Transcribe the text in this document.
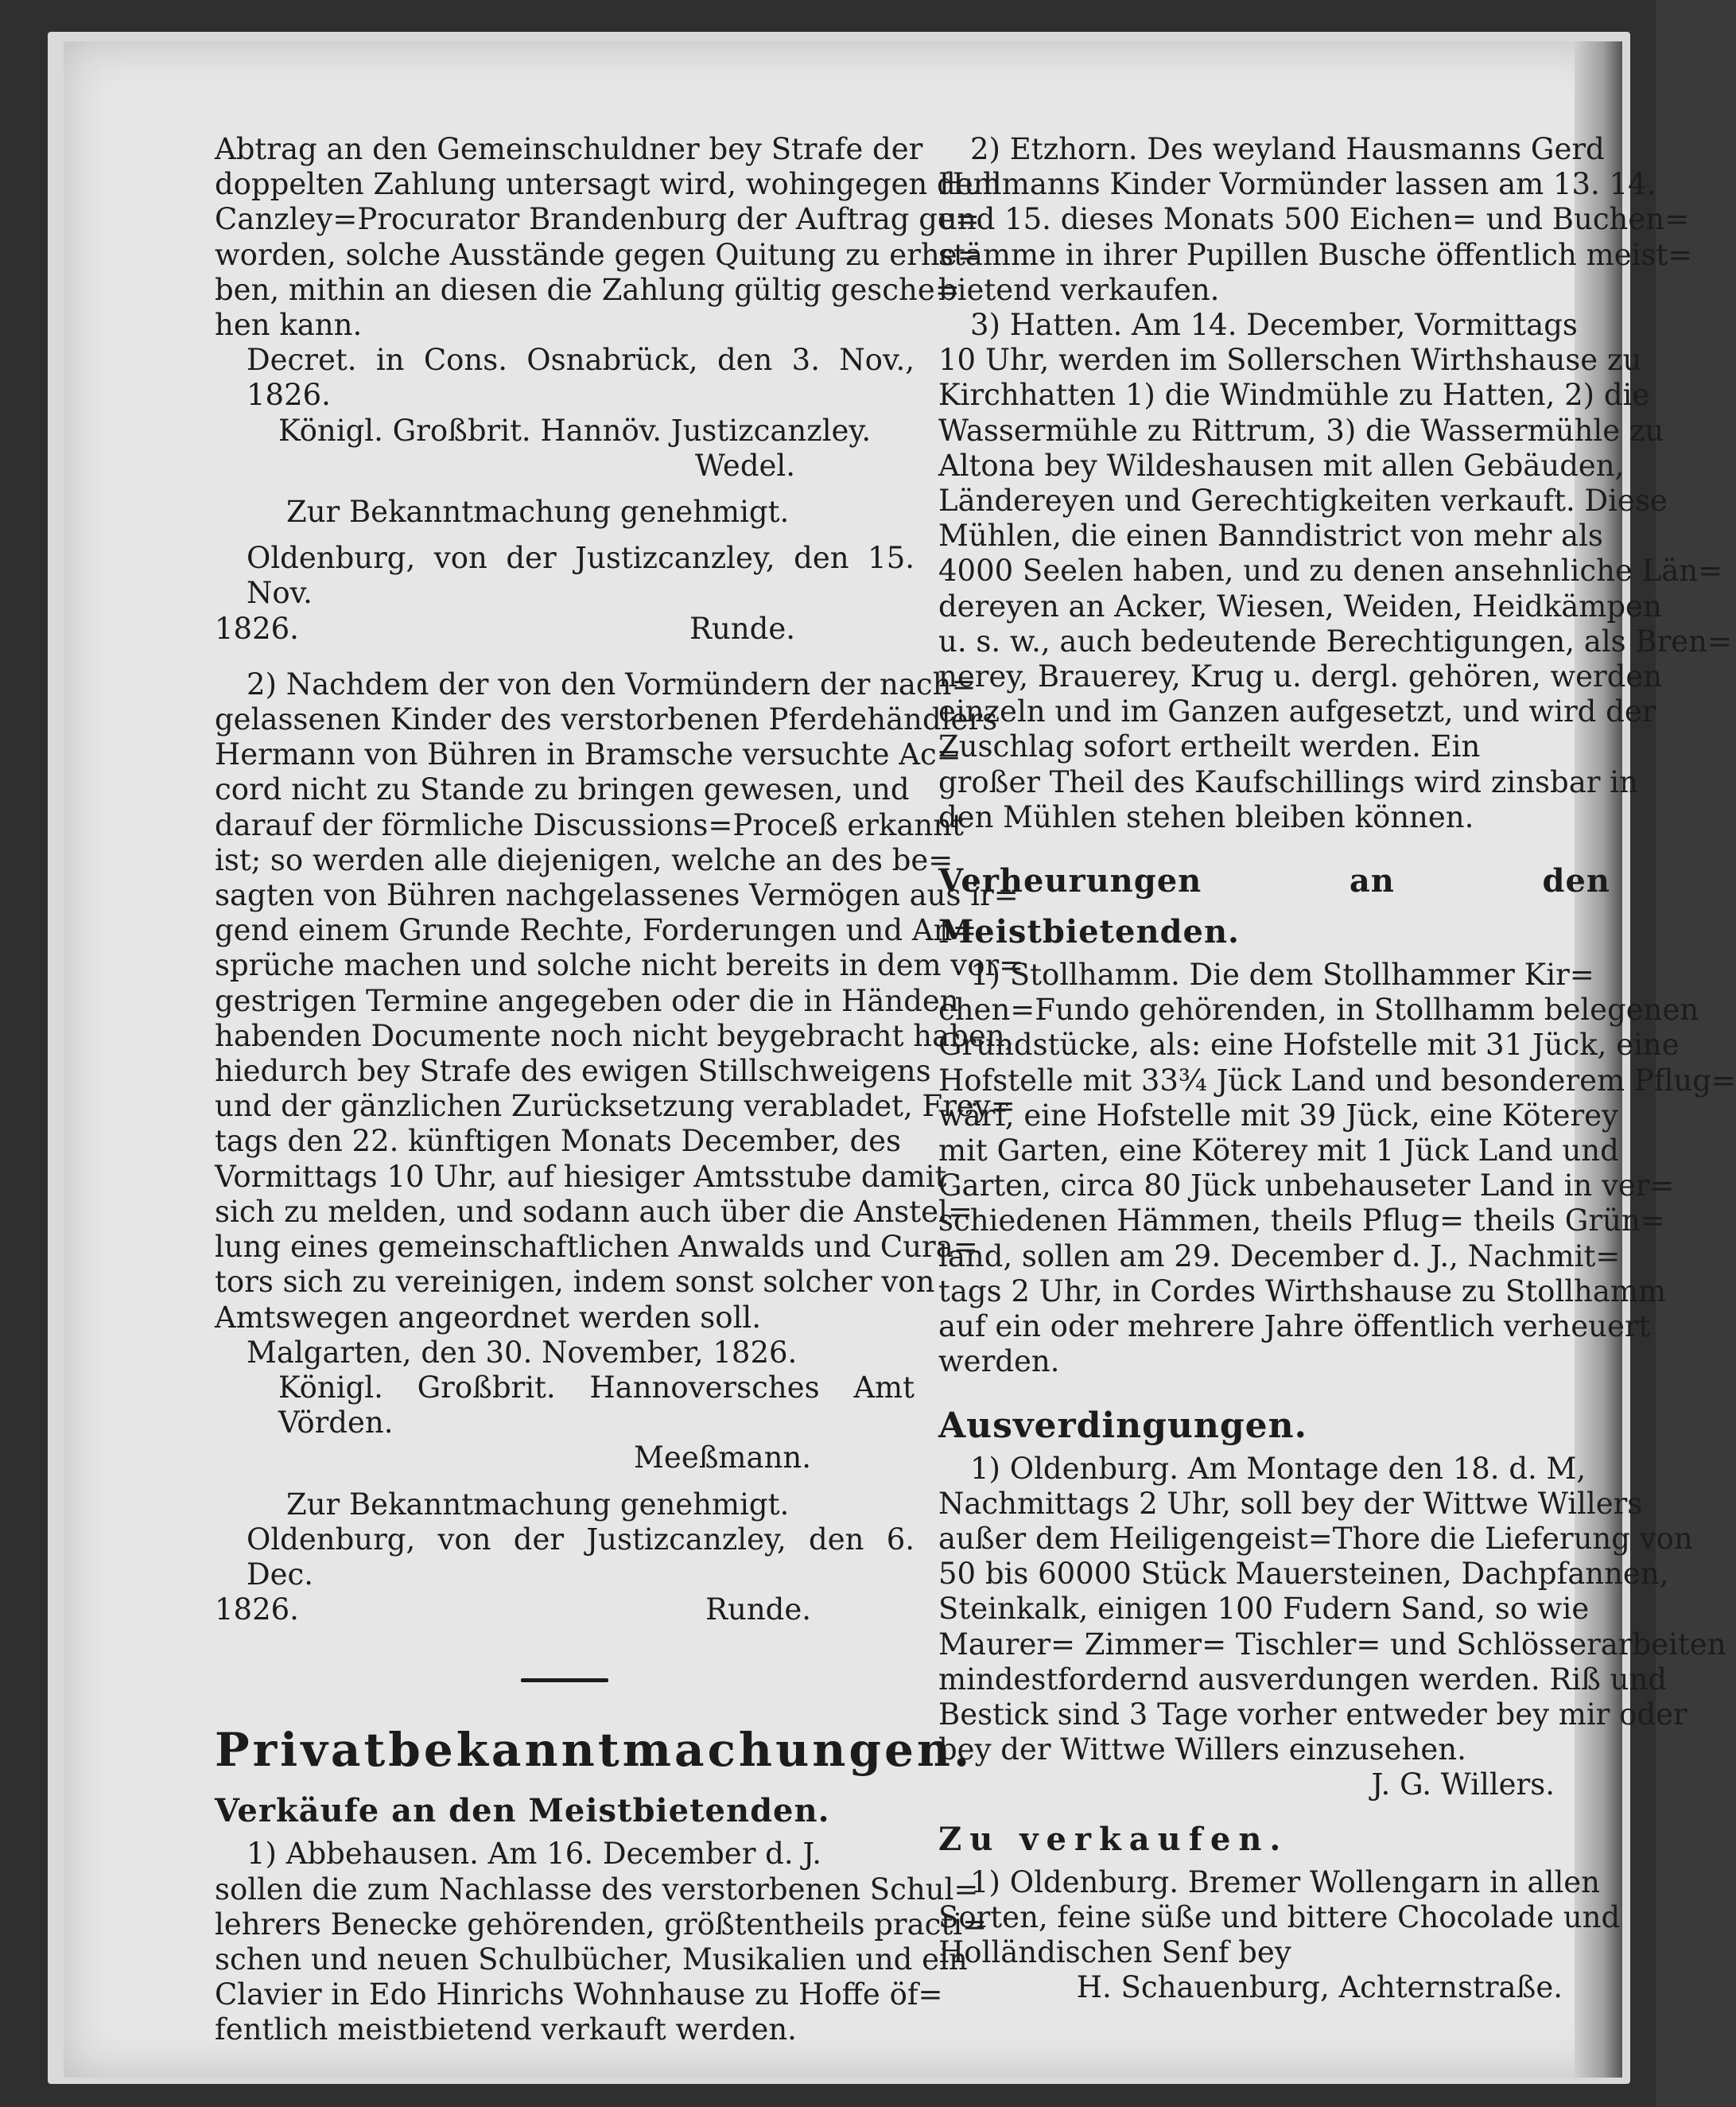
Abtrag an den Gemeinschuldner bey Strafe der
doppelten Zahlung untersagt wird, wohingegen dem
Canzley=Procurator Brandenburg der Auftrag ge=
worden, solche Ausstände gegen Quitung zu erhe=
ben, mithin an diesen die Zahlung gültig gesche=
hen kann.

Decret. in Cons. Osnabrück, den 3. Nov., 1826.

Königl. Großbrit. Hannöv. Justizcanzley.

Wedel.

Zur Bekanntmachung genehmigt.

Oldenburg, von der Justizcanzley, den 15. Nov.

1826.	Runde.

2) Nachdem der von den Vormündern der nach=
gelassenen Kinder des verstorbenen Pferdehändlers
Hermann von Bühren in Bramsche versuchte Ac=
cord nicht zu Stande zu bringen gewesen, und
darauf der förmliche Discussions=Proceß erkannt
ist; so werden alle diejenigen, welche an des be=
sagten von Bühren nachgelassenes Vermögen aus ir=
gend einem Grunde Rechte, Forderungen und An=
sprüche machen und solche nicht bereits in dem vor=
gestrigen Termine angegeben oder die in Händen
habenden Documente noch nicht beygebracht haben,
hiedurch bey Strafe des ewigen Stillschweigens
und der gänzlichen Zurücksetzung verabladet, Frey=
tags den 22. künftigen Monats December, des
Vormittags 10 Uhr, auf hiesiger Amtsstube damit
sich zu melden, und sodann auch über die Anstel=
lung eines gemeinschaftlichen Anwalds und Cura=
tors sich zu vereinigen, indem sonst solcher von
Amtswegen angeordnet werden soll.

Malgarten, den 30. November, 1826.

Königl. Großbrit. Hannoversches Amt Vörden.

Meeßmann.

Zur Bekanntmachung genehmigt.

Oldenburg, von der Justizcanzley, den 6. Dec.

1826.	Runde.

Privatbekanntmachungen.

Verkäufe an den Meistbietenden.

1) Abbehausen. Am 16. December d. J.
sollen die zum Nachlasse des verstorbenen Schul=
lehrers Benecke gehörenden, größtentheils practi=
schen und neuen Schulbücher, Musikalien und ein
Clavier in Edo Hinrichs Wohnhause zu Hoffe öf=
fentlich meistbietend verkauft werden.

2) Etzhorn. Des weyland Hausmanns Gerd
Hullmanns Kinder Vormünder lassen am 13. 14.
und 15. dieses Monats 500 Eichen= und Buchen=
stämme in ihrer Pupillen Busche öffentlich meist=
bietend verkaufen.

3) Hatten. Am 14. December, Vormittags
10 Uhr, werden im Sollerschen Wirthshause zu
Kirchhatten 1) die Windmühle zu Hatten, 2) die
Wassermühle zu Rittrum, 3) die Wassermühle zu
Altona bey Wildeshausen mit allen Gebäuden,
Ländereyen und Gerechtigkeiten verkauft. Diese
Mühlen, die einen Banndistrict von mehr als
4000 Seelen haben, und zu denen ansehnliche Län=
dereyen an Acker, Wiesen, Weiden, Heidkämpen
u. s. w., auch bedeutende Berechtigungen, als Bren=
nerey, Brauerey, Krug u. dergl. gehören, werden
einzeln und im Ganzen aufgesetzt, und wird der
Zuschlag sofort ertheilt werden. Ein
großer Theil des Kaufschillings wird zinsbar in
den Mühlen stehen bleiben können.

Verheurungen an den Meistbietenden.

1) Stollhamm. Die dem Stollhammer Kir=
chen=Fundo gehörenden, in Stollhamm belegenen
Grundstücke, als: eine Hofstelle mit 31 Jück, eine
Hofstelle mit 33¾ Jück Land und besonderem Pflug=
wärf, eine Hofstelle mit 39 Jück, eine Köterey
mit Garten, eine Köterey mit 1 Jück Land und
Garten, circa 80 Jück unbehauseter Land in ver=
schiedenen Hämmen, theils Pflug= theils Grün=
land, sollen am 29. December d. J., Nachmit=
tags 2 Uhr, in Cordes Wirthshause zu Stollhamm
auf ein oder mehrere Jahre öffentlich verheuert
werden.

Ausverdingungen.

1) Oldenburg. Am Montage den 18. d. M,
Nachmittags 2 Uhr, soll bey der Wittwe Willers
außer dem Heiligengeist=Thore die Lieferung von
50 bis 60000 Stück Mauersteinen, Dachpfannen,
Steinkalk, einigen 100 Fudern Sand, so wie
Maurer= Zimmer= Tischler= und Schlösserarbeiten
mindestfordernd ausverdungen werden. Riß und
Bestick sind 3 Tage vorher entweder bey mir oder
bey der Wittwe Willers einzusehen.

J. G. Willers.

Zu verkaufen.

1) Oldenburg. Bremer Wollengarn in allen
Sorten, feine süße und bittere Chocolade und
Holländischen Senf bey

H. Schauenburg, Achternstraße.
